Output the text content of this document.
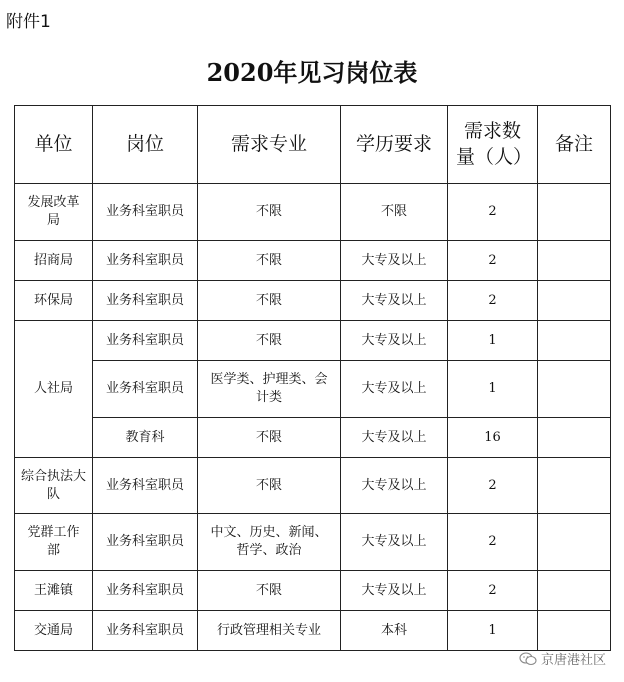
附件1
2020年见习岗位表
单位	岗位	需求专业	学历要求	需求数量（人）	备注
发展改革局	业务科室职员	不限	不限	2	
招商局	业务科室职员	不限	大专及以上	2	
环保局	业务科室职员	不限	大专及以上	2	
人社局	业务科室职员	不限	大专及以上	1	
	业务科室职员	医学类、护理类、会计类	大专及以上	1	
	教育科	不限	大专及以上	16	
综合执法大队	业务科室职员	不限	大专及以上	2	
党群工作部	业务科室职员	中文、历史、新闻、哲学、政治	大专及以上	2	
王滩镇	业务科室职员	不限	大专及以上	2	
交通局	业务科室职员	行政管理相关专业	本科	1	
京唐港社区
